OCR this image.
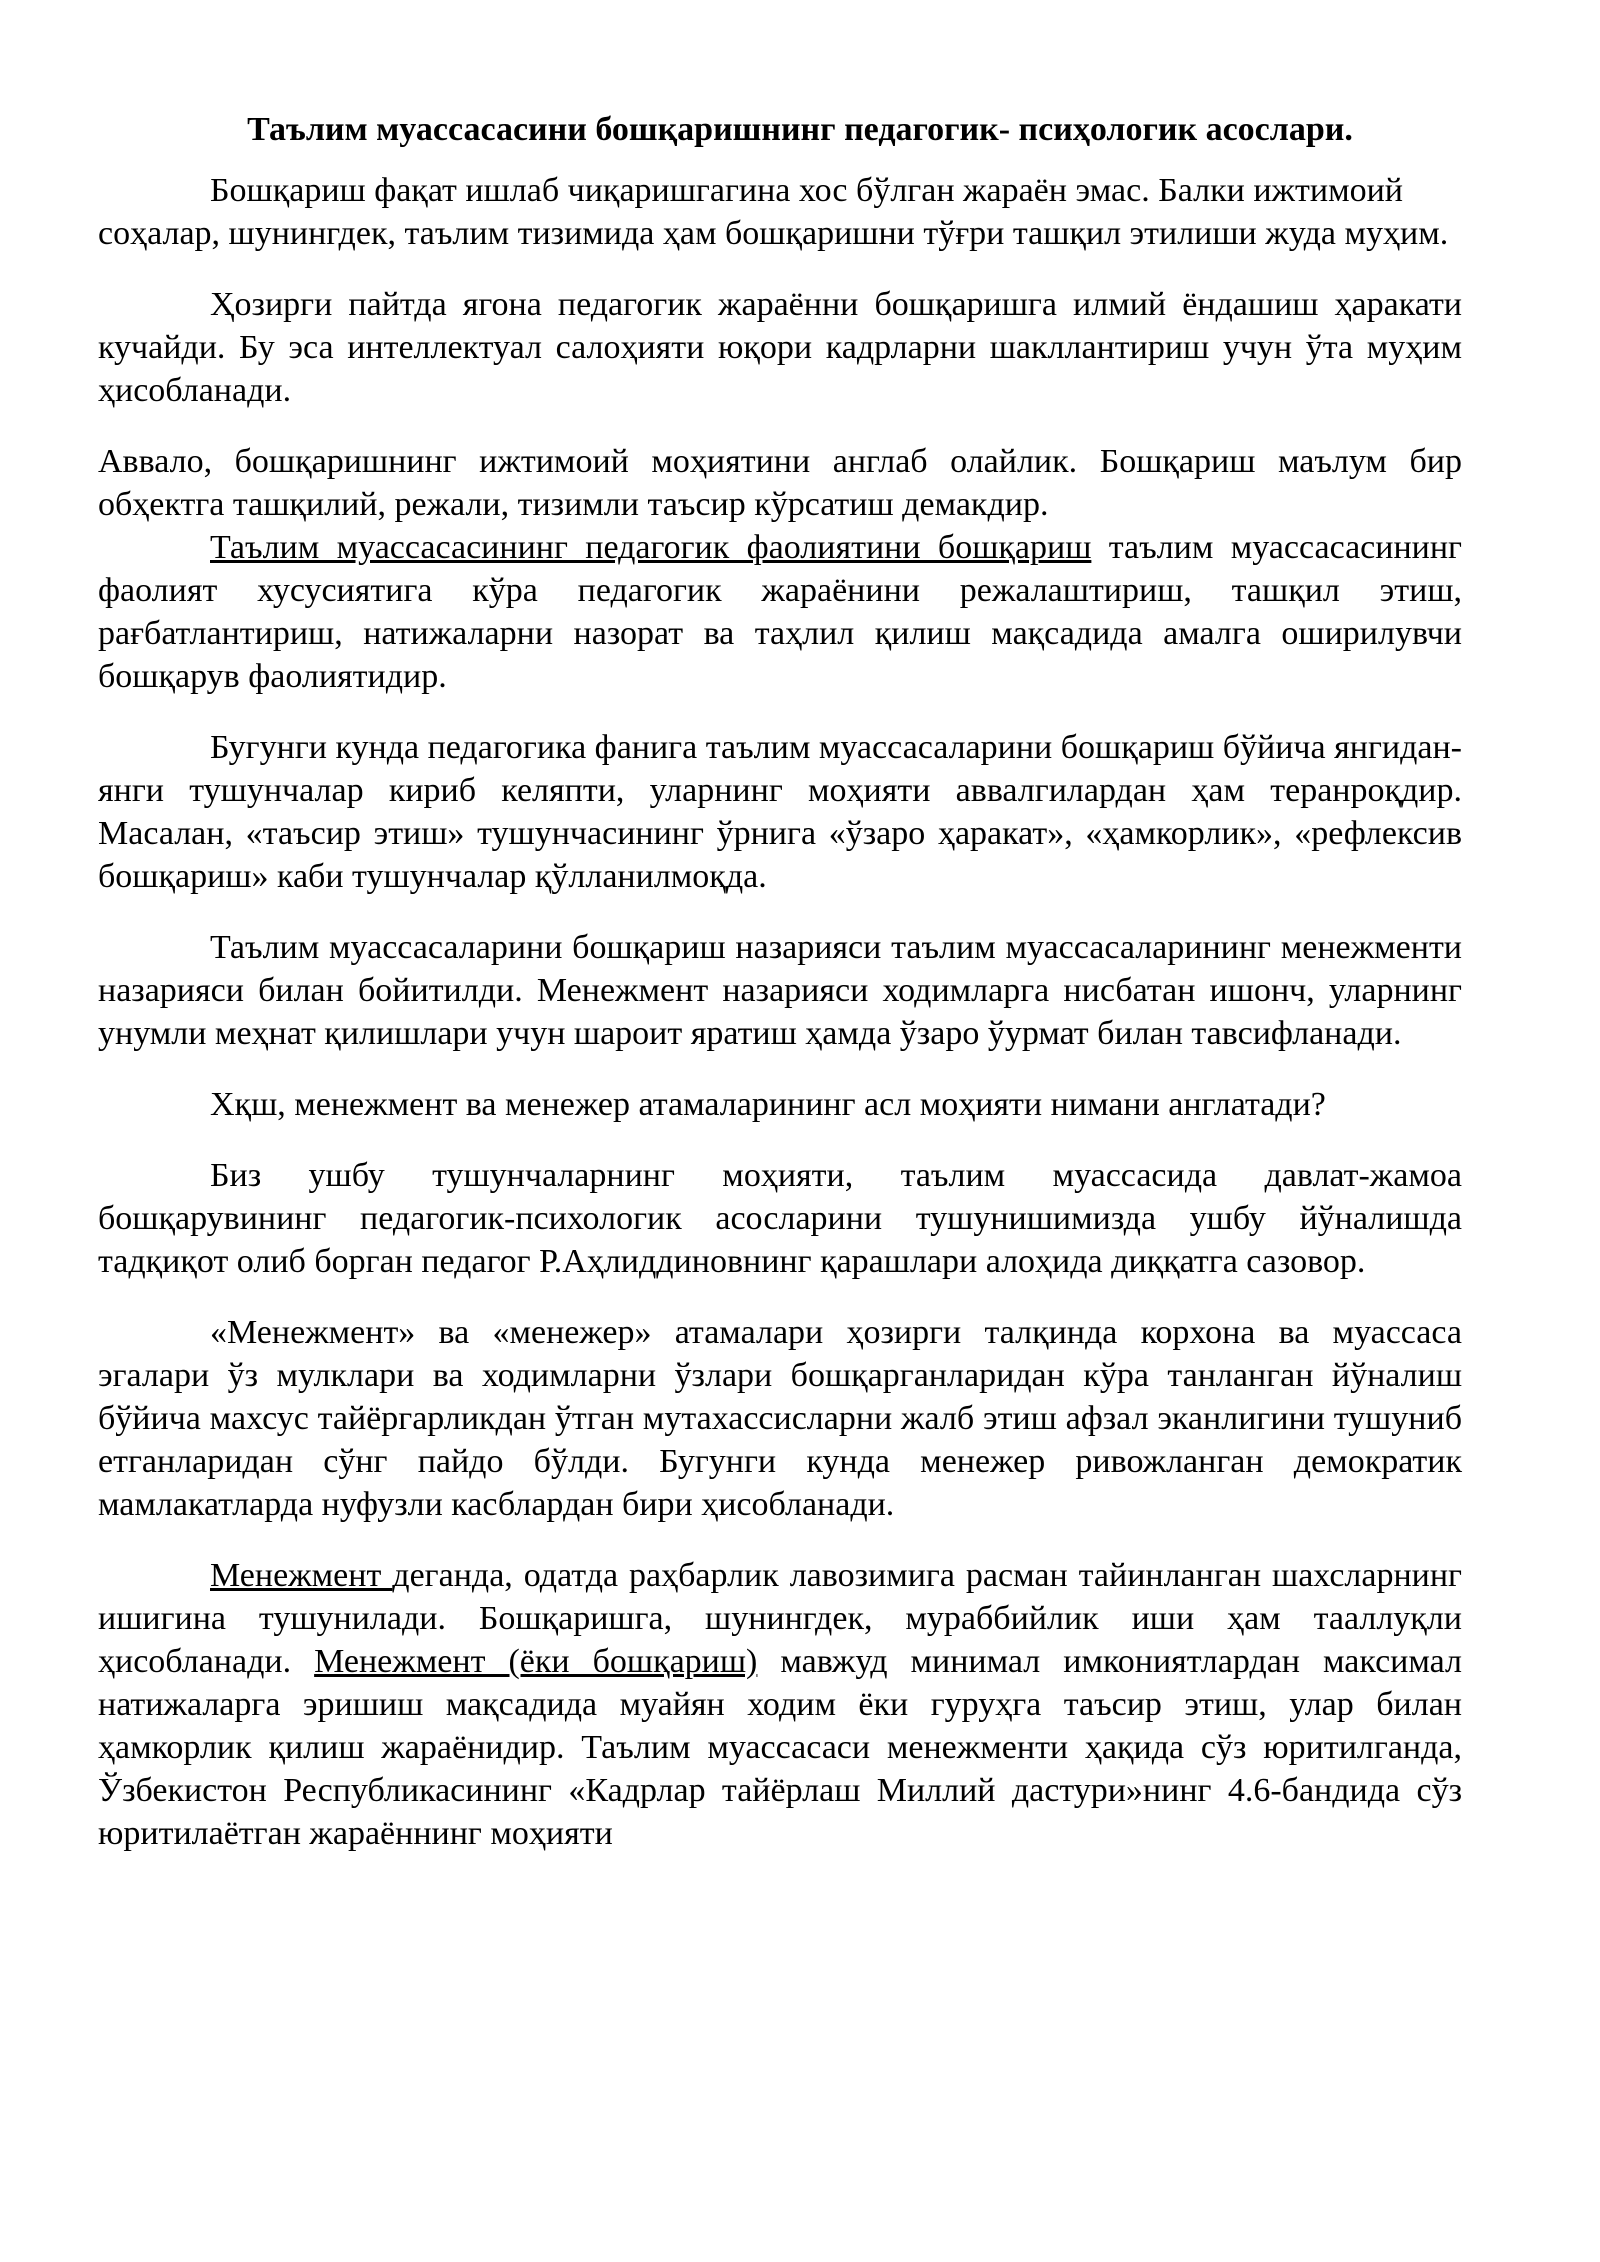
Таълим муассасасини бошқаришнинг педагогик- псиҳологик асослари.

Бошқариш фақат ишлаб чиқаришгагина хос бўлган жараён эмас. Балки ижтимоий соҳалар, шунингдек, таълим тизимида ҳам бошқаришни тўғри ташқил этилиши жуда муҳим.

Ҳозирги пайтда ягона педагогик жараённи бошқаришга илмий ёндашиш ҳаракати кучайди. Бу эса интеллектуал салоҳияти юқори кадрларни шакллантириш учун ўта муҳим ҳисобланади.

Аввало, бошқаришнинг ижтимоий моҳиятини англаб олайлик. Бошқариш маълум бир обҳектга ташқилий, режали, тизимли таъсир кўрсатиш демакдир.

Таълим муассасасининг педагогик фаолиятини бошқариш таълим муассасасининг фаолият хусусиятига кўра педагогик жараёнини режалаштириш, ташқил этиш, рағбатлантириш, натижаларни назорат ва таҳлил қилиш мақсадида амалга оширилувчи бошқарув фаолиятидир.

Бугунги кунда педагогика фанига таълим муассасаларини бошқариш бўйича янгидан-янги тушунчалар кириб келяпти, уларнинг моҳияти аввалгилардан ҳам теранроқдир. Масалан, «таъсир этиш» тушунчасининг ўрнига «ўзаро ҳаракат», «ҳамкорлик», «рефлексив бошқариш» каби тушунчалар қўлланилмоқда.

Таълим муассасаларини бошқариш назарияси таълим муассасаларининг менежменти назарияси билан бойитилди. Менежмент назарияси ходимларга нисбатан ишонч, уларнинг унумли меҳнат қилишлари учун шароит яратиш ҳамда ўзаро ўурмат билан тавсифланади.

Хқш, менежмент ва менежер атамаларининг асл моҳияти нимани англатади?

Биз ушбу тушунчаларнинг моҳияти, таълим муассасида давлат-жамоа бошқарувининг педагогик-психологик асосларини тушунишимизда ушбу йўналишда тадқиқот олиб борган педагог Р.Аҳлиддиновнинг қарашлари алоҳида диққатга сазовор.

«Менежмент» ва «менежер» атамалари ҳозирги талқинда корхона ва муассаса эгалари ўз мулклари ва ходимларни ўзлари бошқарганларидан кўра танланган йўналиш бўйича махсус тайёргарликдан ўтган мутахассисларни жалб этиш афзал эканлигини тушуниб етганларидан сўнг пайдо бўлди. Бугунги кунда менежер ривожланган демократик мамлакатларда нуфузли касблардан бири ҳисобланади.

Менежмент деганда, одатда раҳбарлик лавозимига расман тайинланган шахсларнинг ишигина тушунилади. Бошқаришга, шунингдек, мураббийлик иши ҳам тааллуқли ҳисобланади. Менежмент (ёки бошқариш) мавжуд минимал имкониятлардан максимал натижаларга эришиш мақсадида муайян ходим ёки гуруҳга таъсир этиш, улар билан ҳамкорлик қилиш жараёнидир. Таълим муассасаси менежменти ҳақида сўз юритилганда, Ўзбекистон Республикасининг «Кадрлар тайёрлаш Миллий дастури»нинг 4.6-бандида сўз юритилаётган жараённинг моҳияти
